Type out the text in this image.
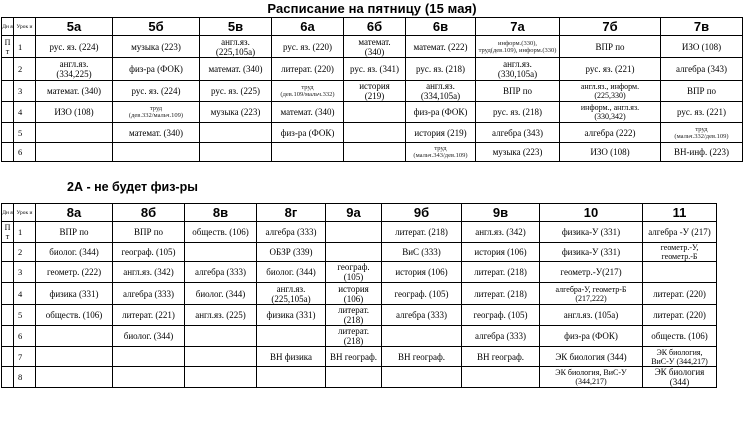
Расписание на пятницу (15 мая)
Дн я	Урок и	5а	5б	5в	6а	6б	6в	7а	7б	7в
П т	1	рус. яз. (224)	музыка (223)	англ.яз.
(225,105а)	рус. яз. (220)	математ.
(340)	математ. (222)	информ.(330),
труд(дев.109), информ.(330)	ВПР по	ИЗО (108)

	2	англ.яз.
(334,225)	физ-ра (ФОК)	математ. (340)	литерат. (220)	рус. яз. (341)	рус. яз. (218)	англ.яз.
(330,105а)	рус. яз. (221)	алгебра (343)

	3	математ. (340)	рус. яз. (224)	рус. яз. (225)	труд
(дев.109/мальч.332)	история
(219)	англ.яз.
(334,105а)	ВПР по	англ.яз., информ.
(225,330)	ВПР по

	4	ИЗО (108)	труд
(дев.332/мальч.109)	музыка (223)	математ. (340)		физ-ра (ФОК)	рус. яз. (218)	информ., англ.яз.
(330,342)	рус. яз. (221)

	5		математ. (340)		физ-ра (ФОК)		история (219)	алгебра (343)	алгебра (222)	труд
(мальч.332/дев.109)

	6						труд
(мальч.343/дев.109)	музыка (223)	ИЗО (108)	ВН-инф. (223)
2А - не будет физ-ры
Дн я	Урок и	8а	8б	8в	8г	9а	9б	9в	10	11
П т	1	ВПР по	ВПР по	обществ. (106)	алгебра (333)		литерат. (218)	англ.яз. (342)	физика-У (331)	алгебра -У (217)

	2	биолог. (344)	географ. (105)		ОБЗР (339)		ВиС (333)	история (106)	физика-У (331)	геометр.-У,
геометр.-Б

	3	геометр. (222)	англ.яз. (342)	алгебра (333)	биолог. (344)	географ.
(105)	история (106)	литерат. (218)	геометр.-У(217)	

	4	физика (331)	алгебра (333)	биолог. (344)	англ.яз.
(225,105а)	история
(106)	географ. (105)	литерат. (218)	алгебра-У, геометр-Б
(217,222)	литерат. (220)

	5	обществ. (106)	литерат. (221)	англ.яз. (225)	физика (331)	литерат.
(218)	алгебра (333)	географ. (105)	англ.яз. (105а)	литерат. (220)

	6		биолог. (344)			литерат.
(218)		алгебра (333)	физ-ра (ФОК)	обществ. (106)

	7				ВН физика	ВН географ.	ВН географ.	ВН географ.	ЭК биология (344)	ЭК биология,
ВиС-У (344,217)

	8								ЭК биология, ВиС-У
(344,217)	ЭК биология
(344)
